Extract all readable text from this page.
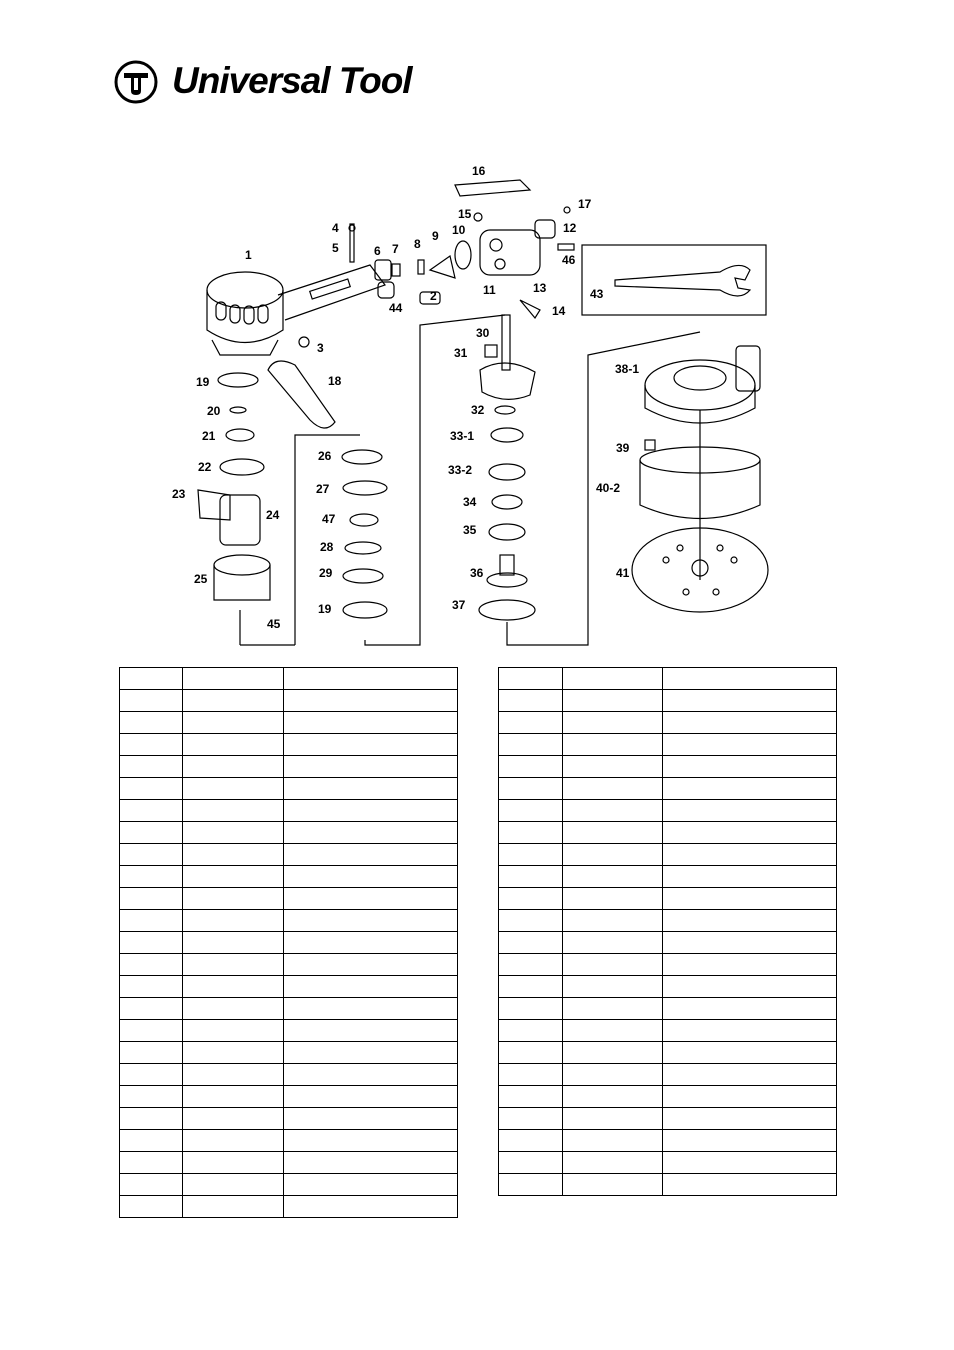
Universal Tool
1
2
3
4
5	6 7 8
9 10
11
12
13
14
15
16
17
18
19
19
20
21
22
23
24
25
26
27
28
29
30
31
32
33-1
33-2
34
35
36
37
38-1
39
40-2
41
43
44
45
46
47
